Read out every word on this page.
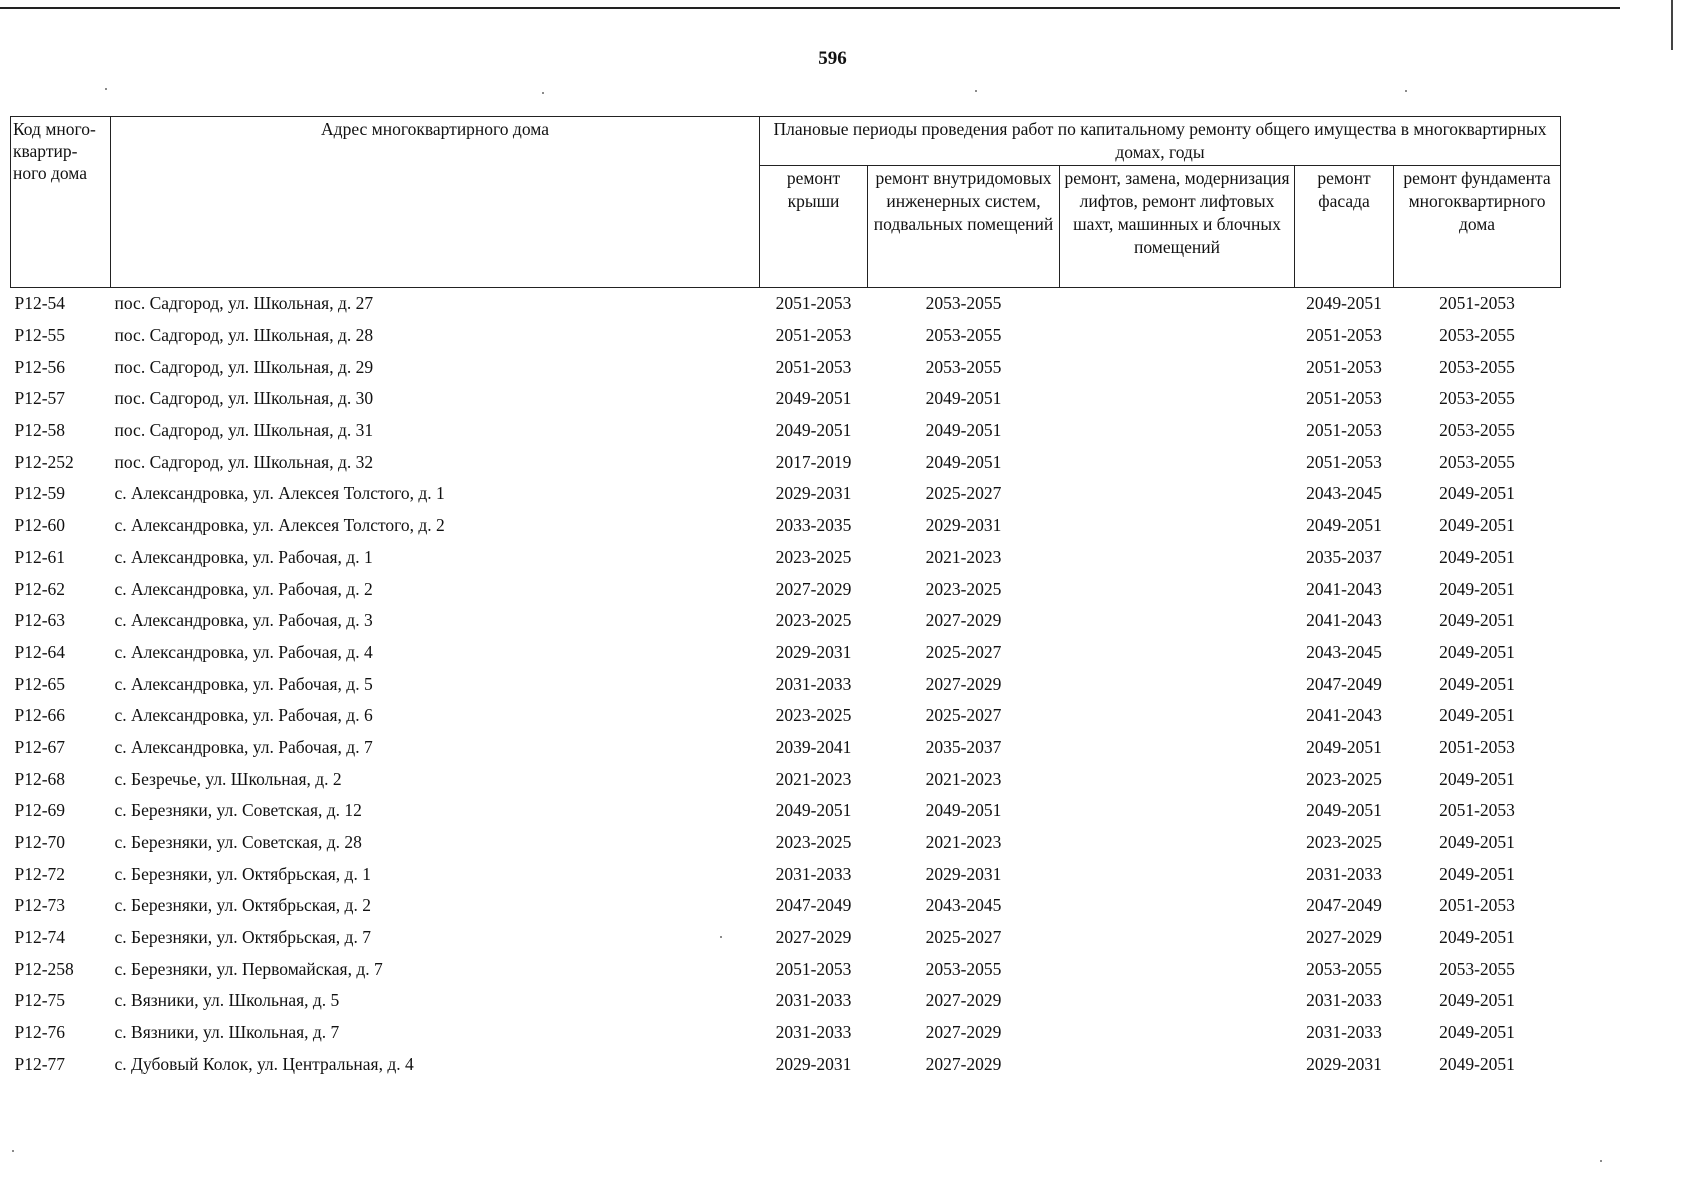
596
Код много-квартир-ного дома	Адрес многоквартирного дома	Плановые периоды проведения работ по капитальному ремонту общего имущества в многоквартирных домах, годы				
		ремонт крыши	ремонт внутридомовых инженерных систем, подвальных помещений	ремонт, замена, модернизация лифтов, ремонт лифтовых шахт, машинных и блочных помещений	ремонт фасада	ремонт фундамента многоквартирного дома
Р12-54	пос. Садгород, ул. Школьная, д. 27	2051-2053	2053-2055		2049-2051	2051-2053
Р12-55	пос. Садгород, ул. Школьная, д. 28	2051-2053	2053-2055		2051-2053	2053-2055
Р12-56	пос. Садгород, ул. Школьная, д. 29	2051-2053	2053-2055		2051-2053	2053-2055
Р12-57	пос. Садгород, ул. Школьная, д. 30	2049-2051	2049-2051		2051-2053	2053-2055
Р12-58	пос. Садгород, ул. Школьная, д. 31	2049-2051	2049-2051		2051-2053	2053-2055
Р12-252	пос. Садгород, ул. Школьная, д. 32	2017-2019	2049-2051		2051-2053	2053-2055
Р12-59	с. Александровка, ул. Алексея Толстого, д. 1	2029-2031	2025-2027		2043-2045	2049-2051
Р12-60	с. Александровка, ул. Алексея Толстого, д. 2	2033-2035	2029-2031		2049-2051	2049-2051
Р12-61	с. Александровка, ул. Рабочая, д. 1	2023-2025	2021-2023		2035-2037	2049-2051
Р12-62	с. Александровка, ул. Рабочая, д. 2	2027-2029	2023-2025		2041-2043	2049-2051
Р12-63	с. Александровка, ул. Рабочая, д. 3	2023-2025	2027-2029		2041-2043	2049-2051
Р12-64	с. Александровка, ул. Рабочая, д. 4	2029-2031	2025-2027		2043-2045	2049-2051
Р12-65	с. Александровка, ул. Рабочая, д. 5	2031-2033	2027-2029		2047-2049	2049-2051
Р12-66	с. Александровка, ул. Рабочая, д. 6	2023-2025	2025-2027		2041-2043	2049-2051
Р12-67	с. Александровка, ул. Рабочая, д. 7	2039-2041	2035-2037		2049-2051	2051-2053
Р12-68	с. Безречье, ул. Школьная, д. 2	2021-2023	2021-2023		2023-2025	2049-2051
Р12-69	с. Березняки, ул. Советская, д. 12	2049-2051	2049-2051		2049-2051	2051-2053
Р12-70	с. Березняки, ул. Советская, д. 28	2023-2025	2021-2023		2023-2025	2049-2051
Р12-72	с. Березняки, ул. Октябрьская, д. 1	2031-2033	2029-2031		2031-2033	2049-2051
Р12-73	с. Березняки, ул. Октябрьская, д. 2	2047-2049	2043-2045		2047-2049	2051-2053
Р12-74	с. Березняки, ул. Октябрьская, д. 7	2027-2029	2025-2027		2027-2029	2049-2051
Р12-258	с. Березняки, ул. Первомайская, д. 7	2051-2053	2053-2055		2053-2055	2053-2055
Р12-75	с. Вязники, ул. Школьная, д. 5	2031-2033	2027-2029		2031-2033	2049-2051
Р12-76	с. Вязники, ул. Школьная, д. 7	2031-2033	2027-2029		2031-2033	2049-2051
Р12-77	с. Дубовый Колок, ул. Центральная, д. 4	2029-2031	2027-2029		2029-2031	2049-2051
